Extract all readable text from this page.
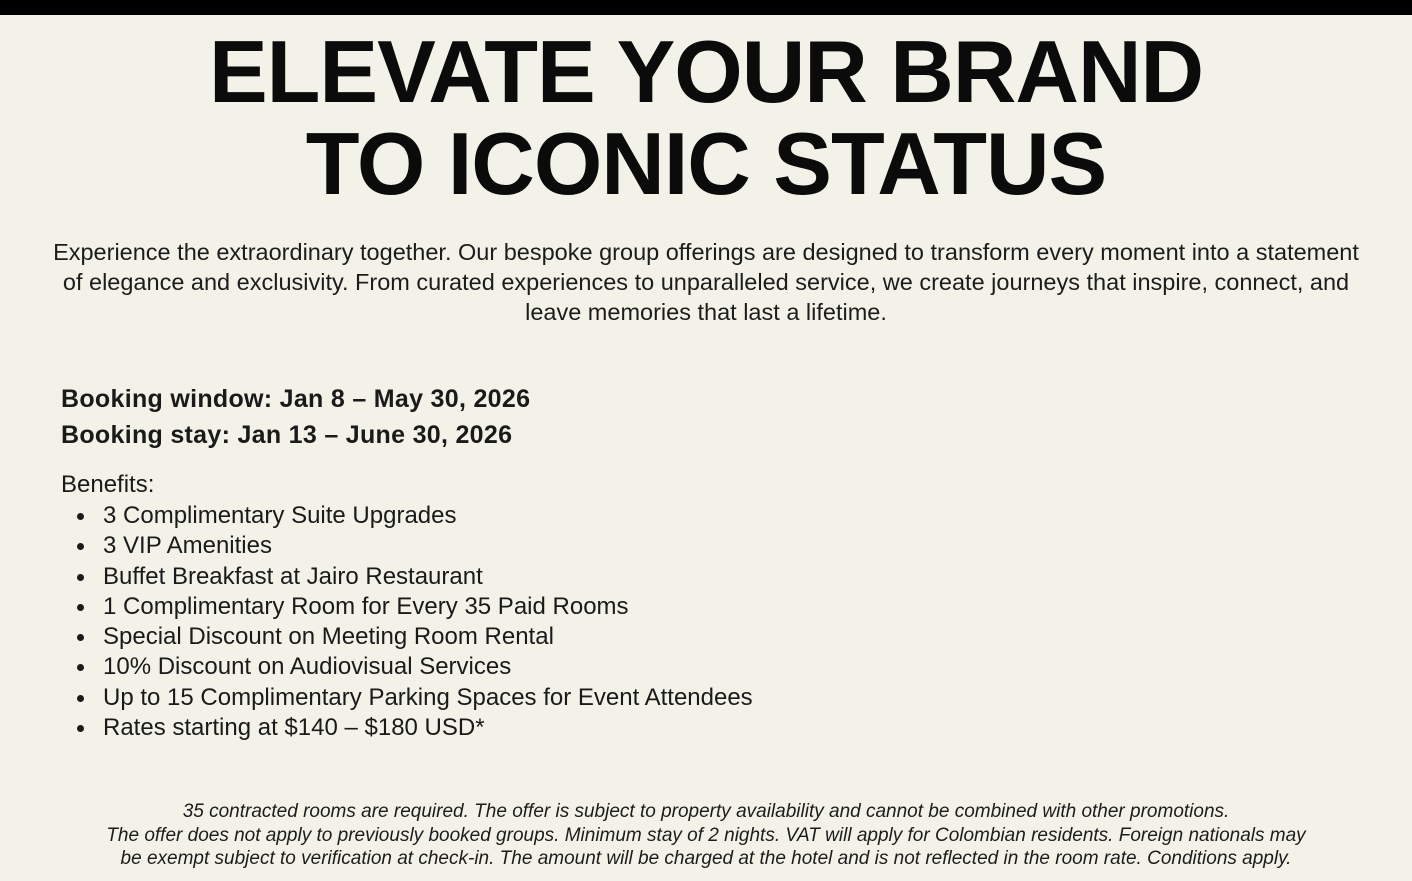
ELEVATE YOUR BRAND
TO ICONIC STATUS

Experience the extraordinary together. Our bespoke group offerings are designed to transform every moment into a statement of elegance and exclusivity. From curated experiences to unparalleled service, we create journeys that inspire, connect, and leave memories that last a lifetime.

Booking window: Jan 8 – May 30, 2026
Booking stay: Jan 13 – June 30, 2026
Benefits:
3 Complimentary Suite Upgrades
3 VIP Amenities
Buffet Breakfast at Jairo Restaurant
1 Complimentary Room for Every 35 Paid Rooms
Special Discount on Meeting Room Rental
10% Discount on Audiovisual Services
Up to 15 Complimentary Parking Spaces for Event Attendees
Rates starting at $140 – $180 USD*
35 contracted rooms are required. The offer is subject to property availability and cannot be combined with other promotions.
The offer does not apply to previously booked groups. Minimum stay of 2 nights. VAT will apply for Colombian residents. Foreign nationals may
be exempt subject to verification at check-in. The amount will be charged at the hotel and is not reflected in the room rate. Conditions apply.
